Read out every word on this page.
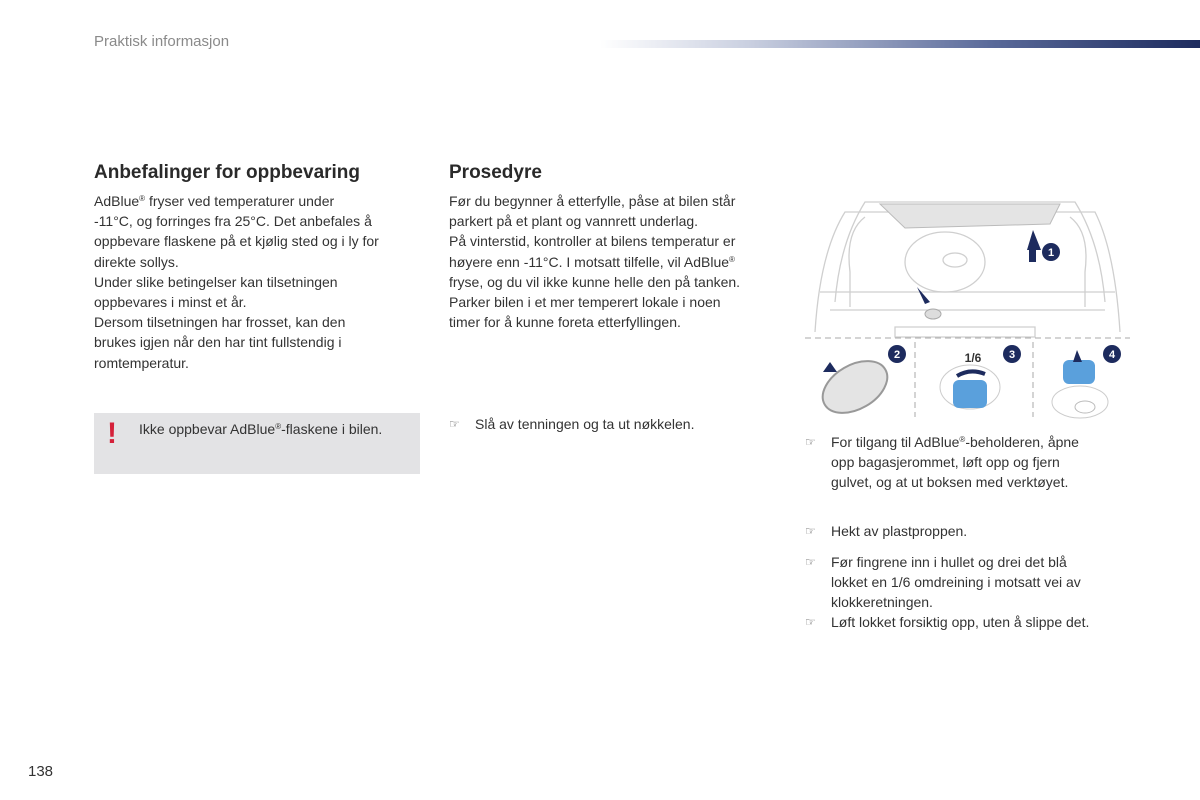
Praktisk informasjon
Anbefalinger for oppbevaring
AdBlue® fryser ved temperaturer under
-11°C, og forringes fra 25°C. Det anbefales å
oppbevare flaskene på et kjølig sted og i ly for
direkte sollys.
Under slike betingelser kan tilsetningen
oppbevares i minst et år.
Dersom tilsetningen har frosset, kan den
brukes igjen når den har tint fullstendig i
romtemperatur.
! Ikke oppbevar AdBlue®-flaskene i bilen.
Prosedyre
Før du begynner å etterfylle, påse at bilen står
parkert på et plant og vannrett underlag.
På vinterstid, kontroller at bilens temperatur er
høyere enn -11°C. I motsatt tilfelle, vil AdBlue®
fryse, og du vil ikke kunne helle den på tanken.
Parker bilen i et mer temperert lokale i noen
timer for å kunne foreta etterfyllingen.
☞ Slå av tenningen og ta ut nøkkelen.
1
2	1/6	3	4
☞ For tilgang til AdBlue®-beholderen, åpne
opp bagasjerommet, løft opp og fjern
gulvet, og at ut boksen med verktøyet.
☞ Hekt av plastproppen.
☞ Før fingrene inn i hullet og drei det blå
lokket en 1/6 omdreining i motsatt vei av
klokkeretningen.
☞ Løft lokket forsiktig opp, uten å slippe det.
138
